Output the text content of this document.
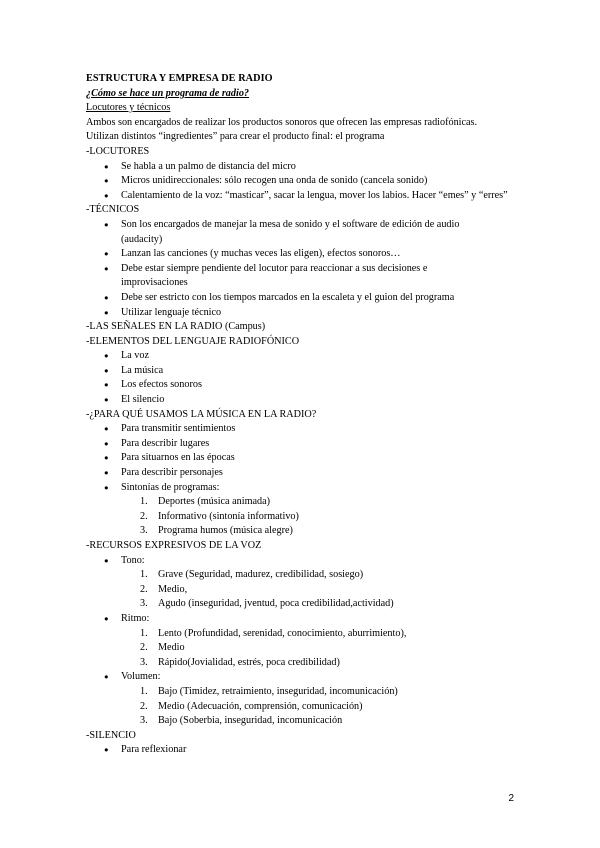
ESTRUCTURA Y EMPRESA DE RADIO
¿Cómo se hace un programa de radio?
Locutores y técnicos
Ambos son encargados de realizar los productos sonoros que ofrecen las empresas radiofónicas.
Utilizan distintos “ingredientes” para crear el producto final: el programa
-LOCUTORES
● Se habla a un palmo de distancia del micro
● Micros unidireccionales: sólo recogen una onda de sonido (cancela sonido)
● Calentamiento de la voz: “masticar”, sacar la lengua, mover los labios. Hacer “emes” y “erres”
-TÉCNICOS
● Son los encargados de manejar la mesa de sonido y el software de edición de audio (audacity)
● Lanzan las canciones (y muchas veces las eligen), efectos sonoros…
● Debe estar siempre pendiente del locutor para reaccionar a sus decisiones e improvisaciones
● Debe ser estricto con los tiempos marcados en la escaleta y el guion del programa
● Utilizar lenguaje técnico
-LAS SEÑALES EN LA RADIO (Campus)
-ELEMENTOS DEL LENGUAJE RADIOFÓNICO
● La voz
● La música
● Los efectos sonoros
● El silencio
-¿PARA QUÉ USAMOS LA MÚSICA EN LA RADIO?
● Para transmitir sentimientos
● Para describir lugares
● Para situarnos en las épocas
● Para describir personajes
● Sintonías de programas:
1. Deportes (música animada)
2. Informativo (sintonía informativo)
3. Programa humos (música alegre)
-RECURSOS EXPRESIVOS DE LA VOZ
● Tono:
1. Grave (Seguridad, madurez, credibilidad, sosiego)
2. Medio,
3. Agudo (inseguridad, jventud, poca credibilidad,actividad)
● Ritmo:
1. Lento (Profundidad, serenidad, conocimiento, aburrimiento),
2. Medio
3. Rápido(Jovialidad, estrés, poca credibilidad)
● Volumen:
1. Bajo (Timidez, retraimiento, inseguridad, incomunicación)
2. Medio (Adecuación, comprensión, comunicación)
3. Bajo (Soberbia, inseguridad, incomunicación
-SILENCIO
● Para reflexionar
2
